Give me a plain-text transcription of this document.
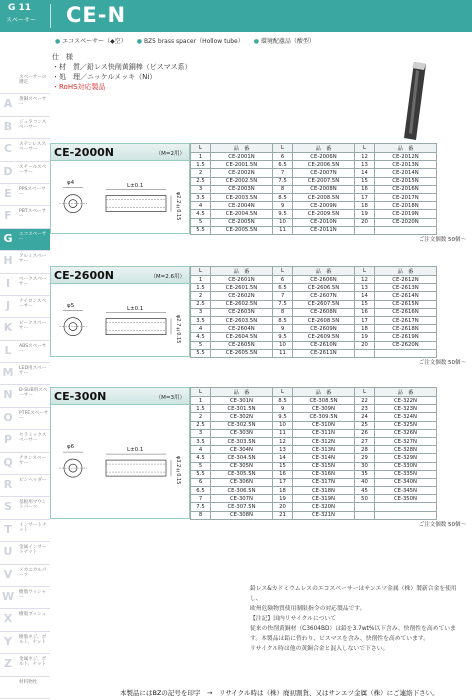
G 11
スペーサー CE-N
● エコスペーサー（◆空）	● BZ5 brass spacer（Hollow tube）	● 環境配慮品（酸型）
仕　様
・材　質／鉛レス快削黄銅棒（ビスマス系）
・処　理／ニッケルメッキ（Ni）
・RoHS対応製品
スペーサーの選定
A	黄銅スペーサー
B	ジュラコンスペーサー
C	ステンレススペーサー
D	スチールスペーサー
E	PPSスペーサー
F	PBTスペーサー
G	エコスペーサー
H	アルミスペーサー
I	ベークスペーサー
J	ナイロンスペーサー
K	ピークスペーサー
L	ABSスペーサー
M LED用スペーサー
N	D-SUB用スペーサー
O PTFEスペーサー
P	セラミックスペーサー
Q チタンスペーサー
R	ピンヘッダー
S	基板用マウントパーツ
T	インサートナット
U	金属インサートナット
V	メカニカルパーツ
W 樹脂ワッシャー
X	樹脂ブッシュ
Y	樹脂ネジ、ボルト、ナット
Z	金属ネジ、ボルト、ナット
材料物性
CE-2000N	（M=2用）
φ4	L±0.1
φ2.2±0.15
L	品　番	L	品　番	L	品　番
1	CE-2001N	6	CE-2006N	12	CE-2012N
1.5	CE-2001.5N	6.5	CE-2006.5N	13	CE-2013N
2	CE-2002N	7	CE-2007N	14	CE-2014N
2.5	CE-2002.5N	7.5	CE-2007.5N	15	CE-2015N
3	CE-2003N	8	CE-2008N	16	CE-2016N
3.5	CE-2003.5N	8.5	CE-2008.5N	17	CE-2017N
4	CE-2004N	9	CE-2009N	18	CE-2018N
4.5	CE-2004.5N	9.5	CE-2009.5N	19	CE-2019N
5	CE-2005N	10	CE-2010N	20	CE-2020N
5.5	CE-2005.5N	11	CE-2011N		
ご注文個数 50個〜
CE-2600N	（M=2.6用）
φ5	L±0.1
φ2.7±0.15
L	品　番	L	品　番	L	品　番
1	CE-2601N	6	CE-2606N	12	CE-2612N
1.5	CE-2601.5N	6.5	CE-2606.5N	13	CE-2613N
2	CE-2602N	7	CE-2607N	14	CE-2614N
2.5	CE-2602.5N	7.5	CE-2607.5N	15	CE-2615N
3	CE-2603N	8	CE-2608N	16	CE-2616N
3.5	CE-2603.5N	8.5	CE-2608.5N	17	CE-2617N
4	CE-2604N	9	CE-2609N	18	CE-2618N
4.5	CE-2604.5N	9.5	CE-2609.5N	19	CE-2619N
5	CE-2605N	10	CE-2610N	20	CE-2620N
5.5	CE-2605.5N	11	CE-2611N		
ご注文個数 50個〜
CE-300N	（M=3用）
φ6	L±0.1
φ3.2±0.15
L	品　番	L	品　番	L	品　番
1	CE-301N	8.5	CE-308.5N	22	CE-322N
1.5	CE-301.5N	9	CE-309N	23	CE-323N
2	CE-302N	9.5	CE-309.5N	24	CE-324N
2.5	CE-302.5N	10	CE-310N	25	CE-325N
3	CE-303N	11	CE-311N	26	CE-326N
3.5	CE-303.5N	12	CE-312N	27	CE-327N
4	CE-304N	13	CE-313N	28	CE-328N
4.5	CE-304.5N	14	CE-314N	29	CE-329N
5	CE-305N	15	CE-315N	30	CE-330N
5.5	CE-305.5N	16	CE-316N	35	CE-335N
6	CE-306N	17	CE-317N	40	CE-340N
6.5	CE-306.5N	18	CE-318N	45	CE-345N
7	CE-307N	19	CE-319N	50	CE-350N
7.5	CE-307.5N	20	CE-320N		
8	CE-308N	21	CE-321N		
ご注文個数 50個〜
鉛レス&カドミウムレスのエコスペーサーはサンエツ金属（株）製新合金を使用し、
欧州危険物質使用制限指令の対応製品です。
【注記】国内リサイクルについて
従来の快削黄銅材（C3604BD）は鉛を3.7wt%以下含み、快削性を高めています。本製品は鉛に替わり、ビスマスを含み、快削性を高めています。
リサイクル時は他の黄銅合金と混入しないで下さい。
本製品にはBZの記号を印字　→　リサイクル時は（株）廃初割貨、又はサンエツ金属（株）にご連絡下さい。
